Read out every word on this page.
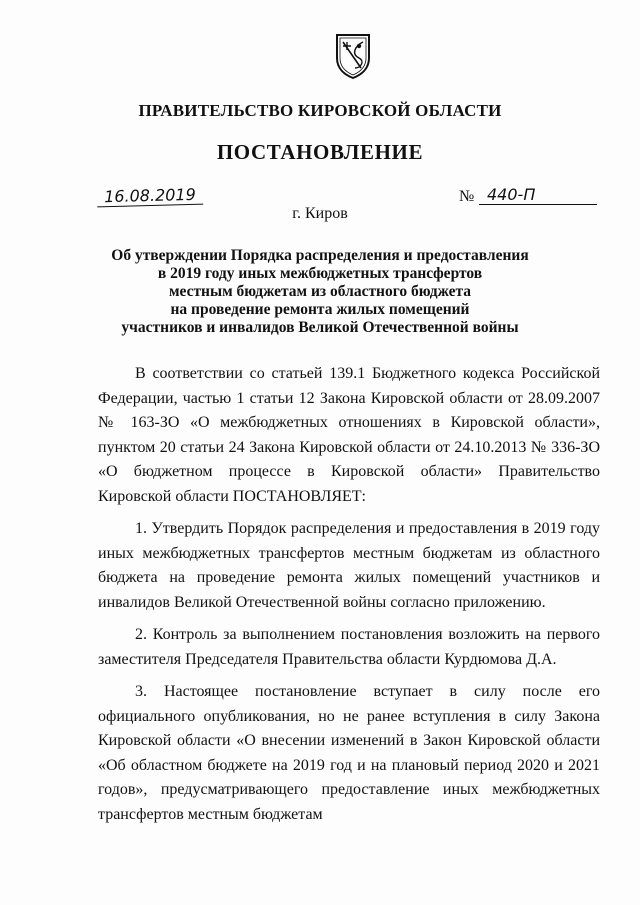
ПРАВИТЕЛЬСТВО КИРОВСКОЙ ОБЛАСТИ
ПОСТАНОВЛЕНИЕ
16.08.2019	№ 440-П
г. Киров
Об утверждении Порядка распределения и предоставления
в 2019 году иных межбюджетных трансфертов
местным бюджетам из областного бюджета
на проведение ремонта жилых помещений
участников и инвалидов Великой Отечественной войны

В соответствии со статьей 139.1 Бюджетного кодекса Российской Федерации, частью 1 статьи 12 Закона Кировской области от 28.09.2007 № 163-ЗО «О межбюджетных отношениях в Кировской области», пунктом 20 статьи 24 Закона Кировской области от 24.10.2013 № 336-ЗО «О бюджетном процессе в Кировской области» Правительство Кировской области ПОСТАНОВЛЯЕТ:

1. Утвердить Порядок распределения и предоставления в 2019 году иных межбюджетных трансфертов местным бюджетам из областного бюджета на проведение ремонта жилых помещений участников и инвалидов Великой Отечественной войны согласно приложению.

2. Контроль за выполнением постановления возложить на первого заместителя Председателя Правительства области Курдюмова Д.А.

3. Настоящее постановление вступает в силу после его официального опубликования, но не ранее вступления в силу Закона Кировской области «О внесении изменений в Закон Кировской области «Об областном бюджете на 2019 год и на плановый период 2020 и 2021 годов», предусматривающего предоставление иных межбюджетных трансфертов местным бюджетам
